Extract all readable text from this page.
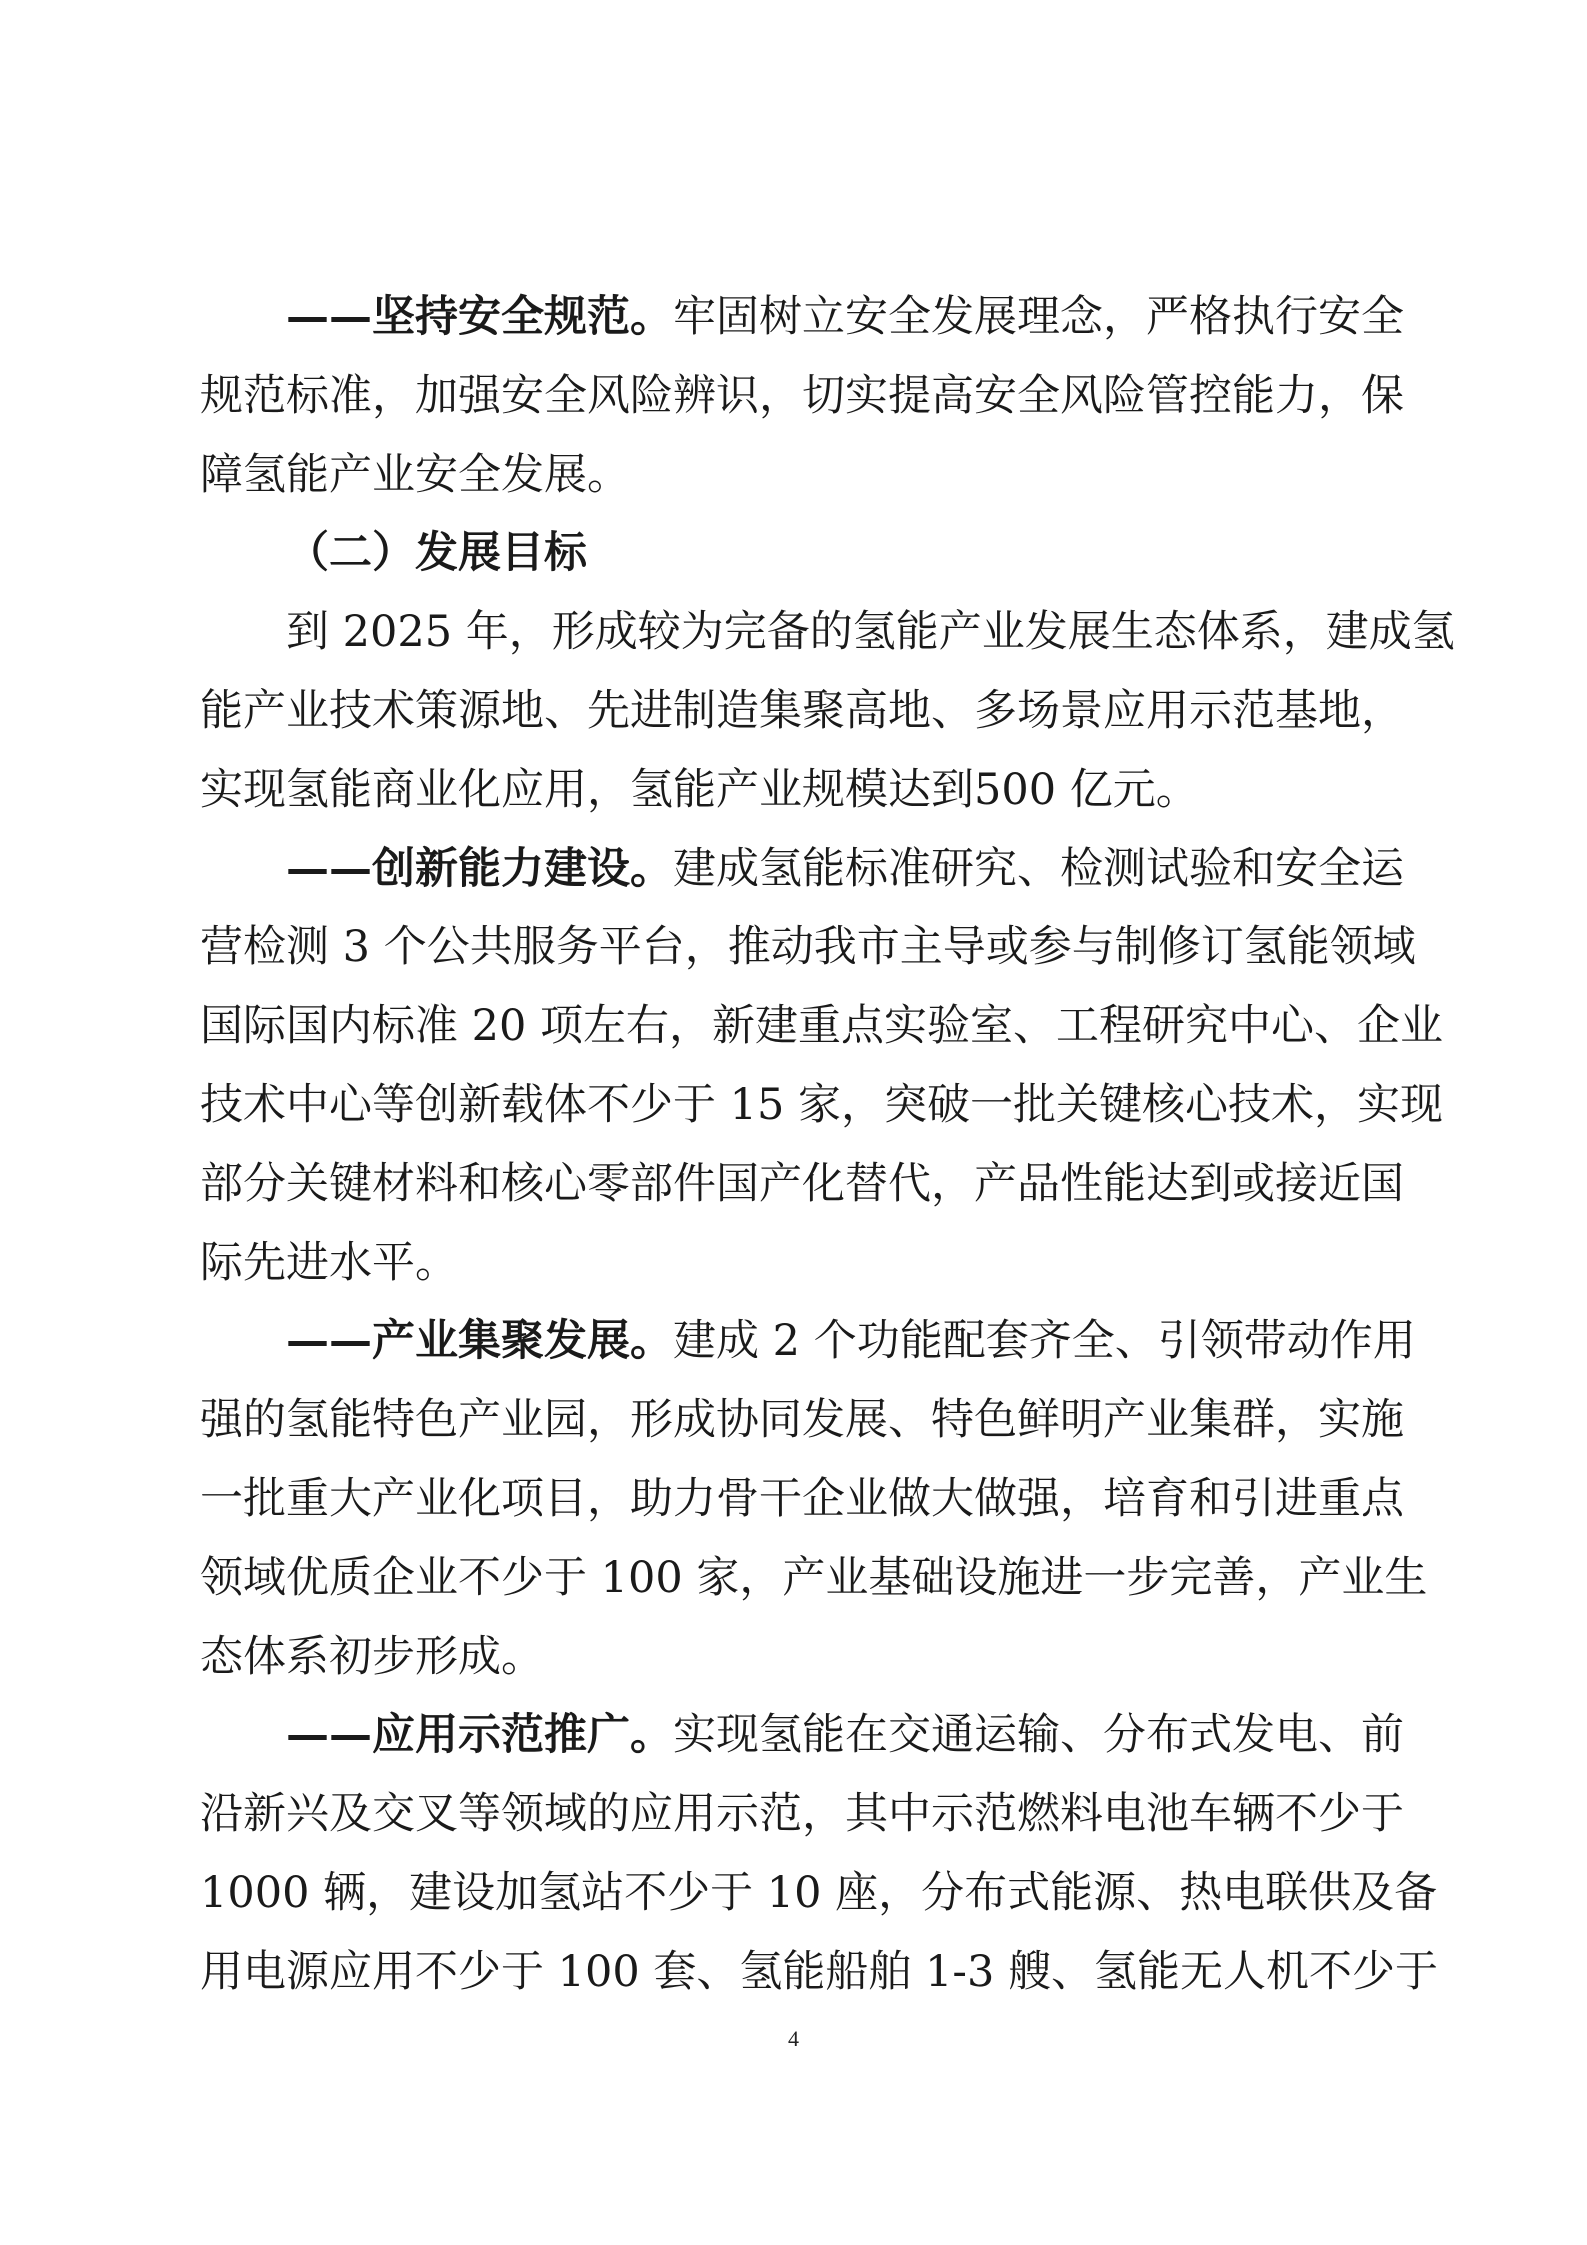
——坚持安全规范。牢固树立安全发展理念，严格执行安全
规范标准，加强安全风险辨识，切实提高安全风险管控能力，保
障氢能产业安全发展。
（二）发展目标
到 2025 年，形成较为完备的氢能产业发展生态体系，建成氢
能产业技术策源地、先进制造集聚高地、多场景应用示范基地，
实现氢能商业化应用，氢能产业规模达到500 亿元。
——创新能力建设。建成氢能标准研究、检测试验和安全运
营检测 3 个公共服务平台，推动我市主导或参与制修订氢能领域
国际国内标准 20 项左右，新建重点实验室、工程研究中心、企业
技术中心等创新载体不少于 15 家，突破一批关键核心技术，实现
部分关键材料和核心零部件国产化替代，产品性能达到或接近国
际先进水平。
——产业集聚发展。建成 2 个功能配套齐全、引领带动作用
强的氢能特色产业园，形成协同发展、特色鲜明产业集群，实施
一批重大产业化项目，助力骨干企业做大做强，培育和引进重点
领域优质企业不少于 100 家，产业基础设施进一步完善，产业生
态体系初步形成。
——应用示范推广。实现氢能在交通运输、分布式发电、前
沿新兴及交叉等领域的应用示范，其中示范燃料电池车辆不少于
1000 辆，建设加氢站不少于 10 座，分布式能源、热电联供及备
用电源应用不少于 100 套、氢能船舶 1-3 艘、氢能无人机不少于
4
